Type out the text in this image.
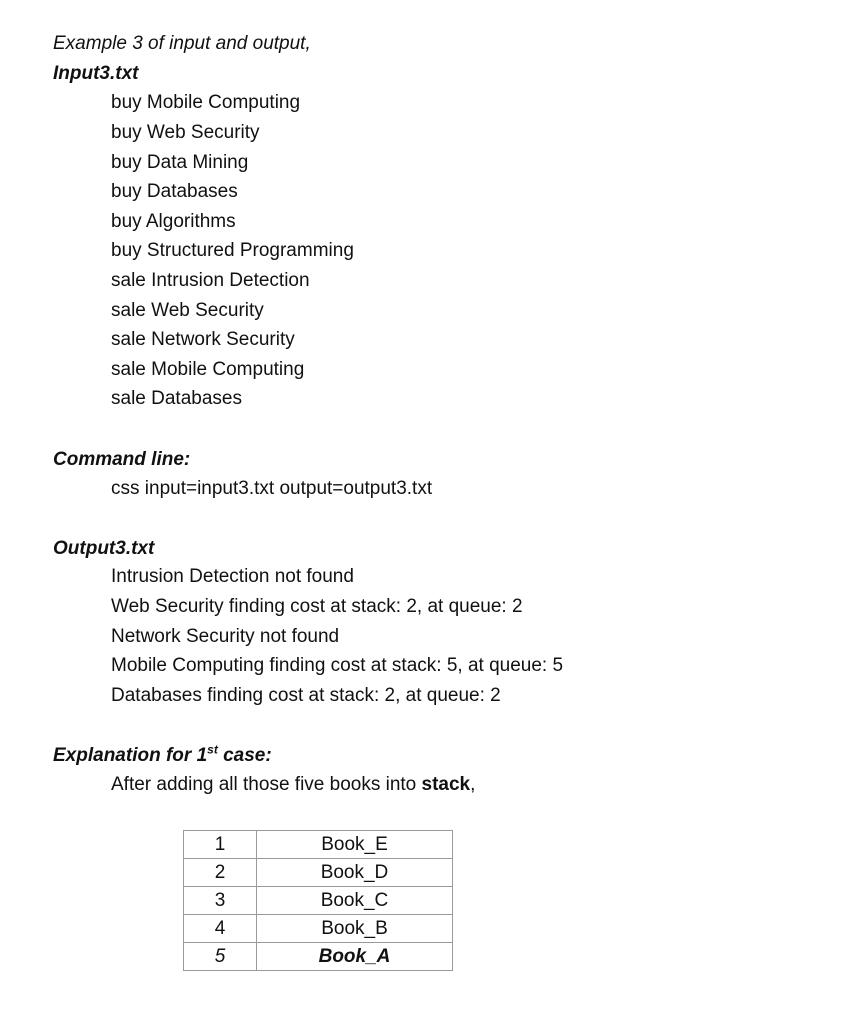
Example 3 of input and output,
Input3.txt
buy Mobile Computing
buy Web Security
buy Data Mining
buy Databases
buy Algorithms
buy Structured Programming
sale Intrusion Detection
sale Web Security
sale Network Security
sale Mobile Computing
sale Databases
Command line:
css input=input3.txt output=output3.txt
Output3.txt
Intrusion Detection not found
Web Security finding cost at stack: 2, at queue: 2
Network Security not found
Mobile Computing finding cost at stack: 5, at queue: 5
Databases finding cost at stack: 2, at queue: 2
Explanation for 1st case:
After adding all those five books into stack,
1	Book_E
2	Book_D
3	Book_C
4	Book_B
5	Book_A
